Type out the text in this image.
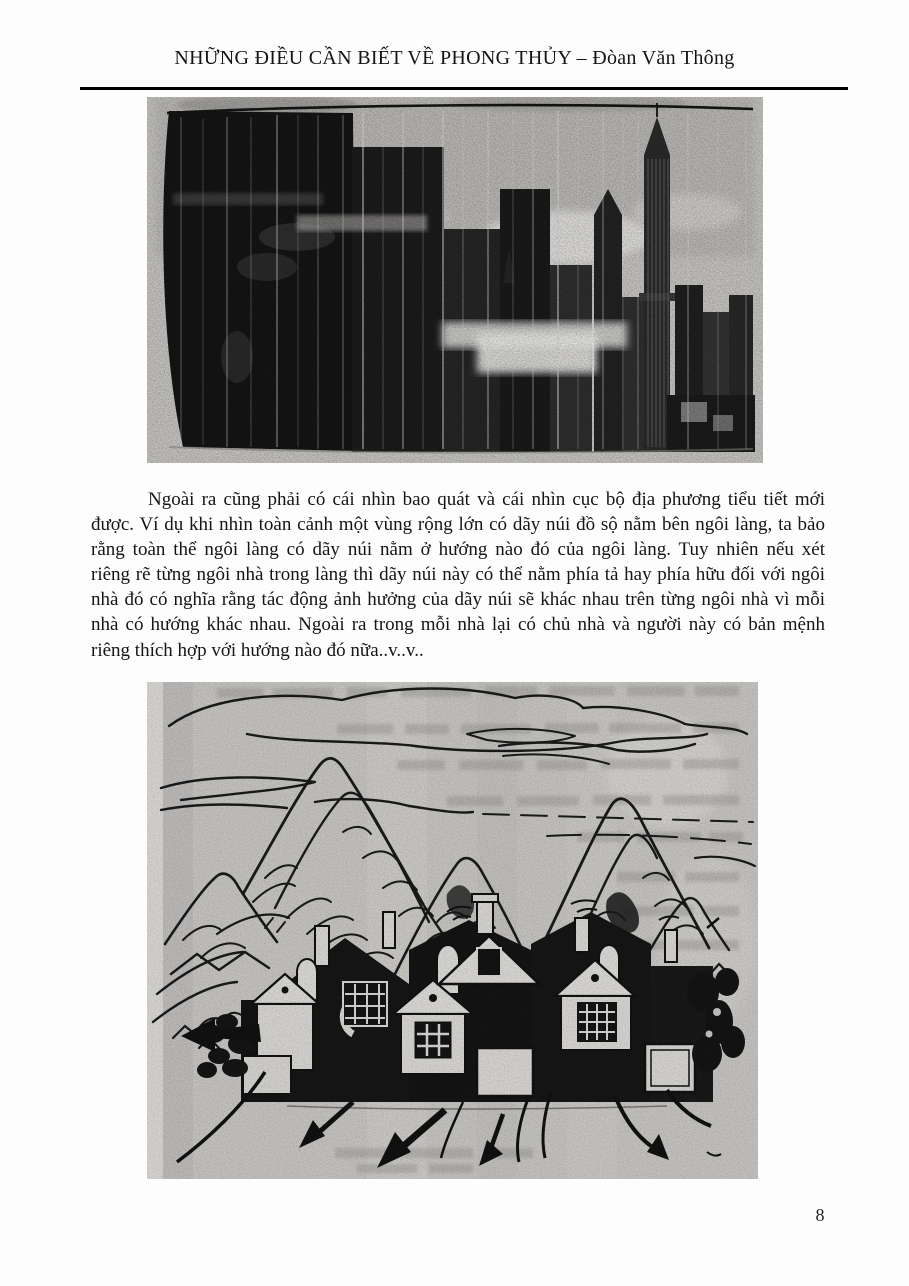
NHỮNG ĐIỀU CẦN BIẾT VỀ PHONG THỦY – Đòan Văn Thông
Ngoài ra cũng phải có cái nhìn bao quát và cái nhìn cục bộ địa phương tiểu tiết mới
được. Ví dụ khi nhìn toàn cảnh một vùng rộng lớn có dãy núi đồ sộ nằm bên ngôi làng, ta bảo
rằng toàn thể ngôi làng có dãy núi nằm ở hướng nào đó của ngôi làng. Tuy nhiên nếu xét
riêng rẽ từng ngôi nhà trong làng thì dãy núi này có thể nằm phía tả hay phía hữu đối với ngôi
nhà đó có nghĩa rằng tác động ảnh hưởng của dãy núi sẽ khác nhau trên từng ngôi nhà vì mỗi
nhà có hướng khác nhau. Ngoài ra trong mỗi nhà lại có chủ nhà và người này có bản mệnh
riêng thích hợp với hướng nào đó nữa..v..v..
8
